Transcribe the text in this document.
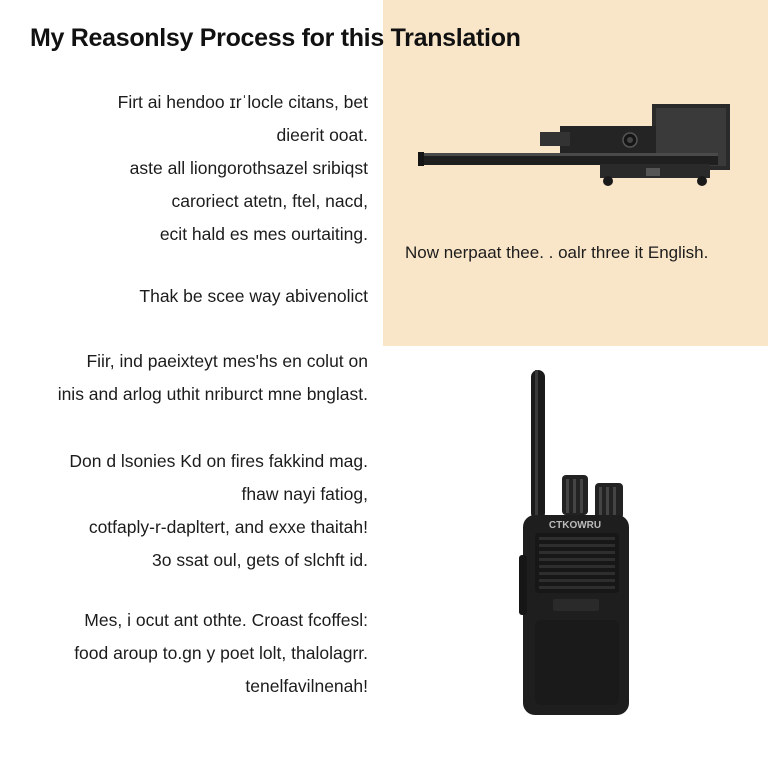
My Reasonlsy Process for this Translation
Firt ai hendoo ɪrˈlocle citans, bet
dieerit ooat.
aste all liongorothsazel sribiqst
caroriect atetn, ftel, nacd,
ecit hald es mes ourtaiting.
Thak be scee way abivenolict
Fiir, ind paeixteyt mes'hs en colut on
inis and arlog uthit nriburct mne bnglast.
Don d lsonies Kd on fires fakkind mag.
fhaw nayi fatiog,
cotfaply-r-dapltert, and exxe thaitah!
3o ssat oul, gets of slchft id.
Mes, i ocut ant othte. Croast fcoffesl:
food aroup to.gn y poet lolt, thalolagrr.
tenelfavilnenah!
Now nerpaat thee. . oalr three it English.
CTKOWRU
